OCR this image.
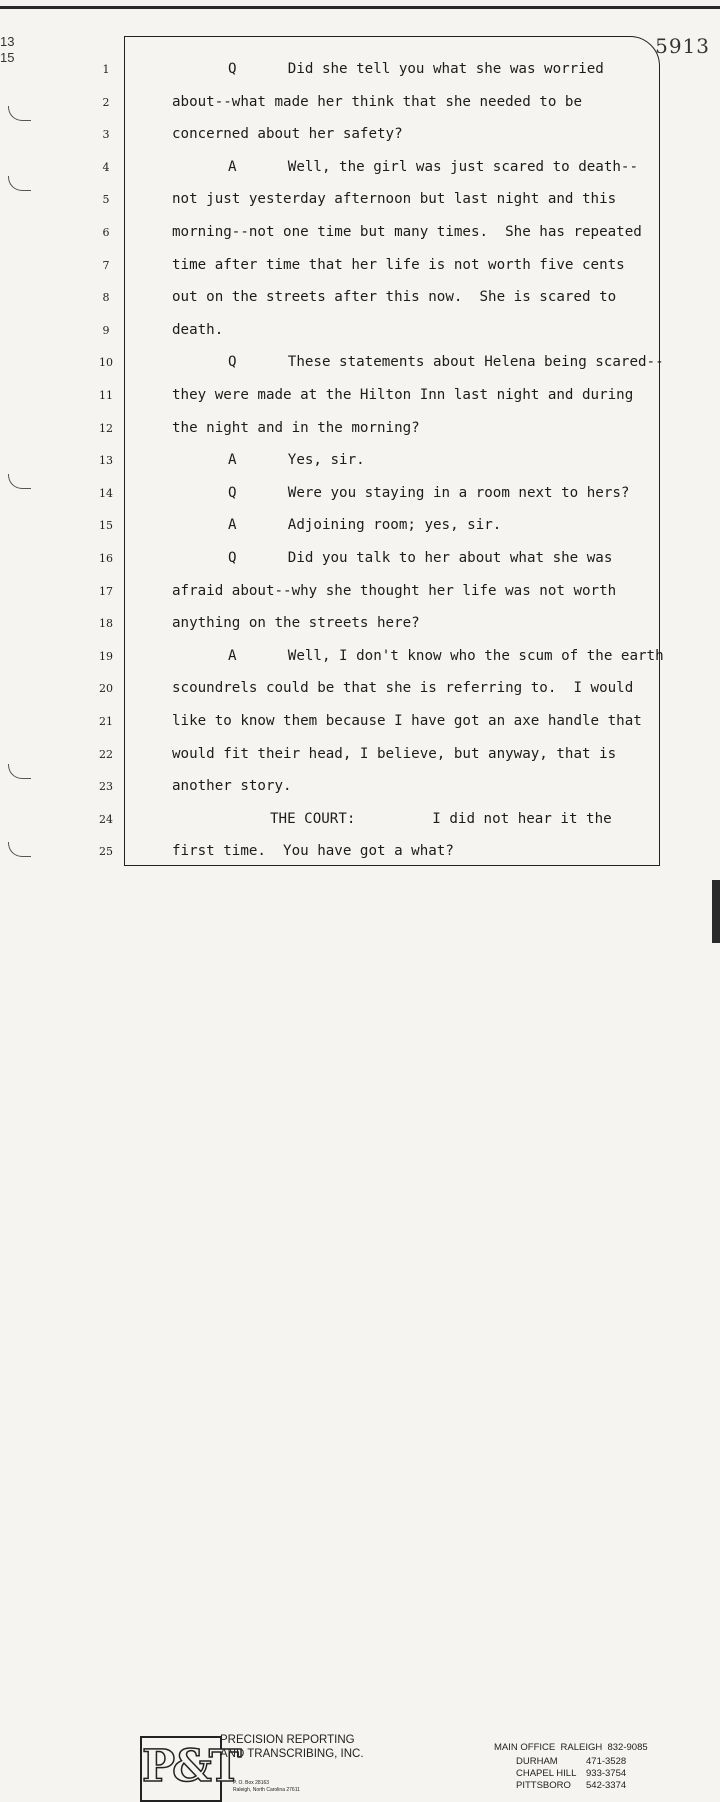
13
15	5913
1	Q      Did she tell you what she was worried
2	about--what made her think that she needed to be
3	concerned about her safety?
4	A      Well, the girl was just scared to death--
5	not just yesterday afternoon but last night and this
6	morning--not one time but many times.  She has repeated
7	time after time that her life is not worth five cents
8	out on the streets after this now.  She is scared to
9	death.
10	Q      These statements about Helena being scared--
11	they were made at the Hilton Inn last night and during
12	the night and in the morning?
13	A      Yes, sir.
14	Q      Were you staying in a room next to hers?
15	A      Adjoining room; yes, sir.
16	Q      Did you talk to her about what she was
17	afraid about--why she thought her life was not worth
18	anything on the streets here?
19	A      Well, I don't know who the scum of the earth
20	scoundrels could be that she is referring to.  I would
21	like to know them because I have got an axe handle that
22	would fit their head, I believe, but anyway, that is
23	another story.
24	THE COURT:         I did not hear it the
25	first time.  You have got a what?
P&T
PRECISION REPORTING
AND TRANSCRIBING, INC.
P. O. Box 28163
Raleigh, North Carolina 27611
MAIN OFFICE  RALEIGH  832-9085
DURHAM	471-3528
CHAPEL HILL 933-3754
PITTSBORO 542-3374
